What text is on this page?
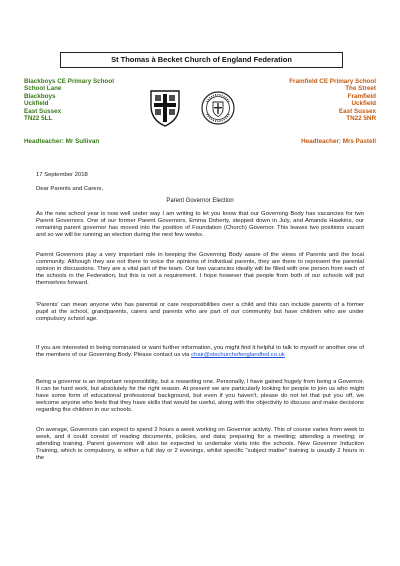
St Thomas à Becket Church of England Federation
Blackboys CE Primary School
School Lane
Blackboys
Uckfield
East Sussex
TN22 5LL
Framfield CE Primary School
The Street
Framfield
Uckfield
East Sussex
TN22 5NR
Headteacher: Mr Sullivan	Headteacher: Mrs Pastell
17 September 2018
Dear Parents and Carers,
Parent Governor Election
As the new school year is now well under way I am writing to let you know that our Governing Body has vacancies for two Parent Governors. One of our former Parent Governors, Emma Doherty, stepped down in July, and Amanda Hawkins, our remaining parent governor has moved into the position of Foundation (Church) Governor. This leaves two positions vacant and so we will be running an election during the next few weeks.
Parent Governors play a very important role in keeping the Governing Body aware of the views of Parents and the local community. Although they are not there to voice the opinions of individual parents, they are there to represent the parental opinion in discussions. They are a vital part of the team. Our two vacancies ideally will be filled with one person from each of the schools in the Federation, but this is not a requirement. I hope however that people from both of our schools will put themselves forward.
'Parents' can mean anyone who has parental or care responsibilities over a child and this can include parents of a former pupil at the school, grandparents, carers and parents who are part of our community but have children who are under compulsory school age.
If you are interested in being nominated or want further information, you might find it helpful to talk to myself or another one of the members of our Governing Body. Please contact us via chair@stschurchofenglandfed.co.uk
Being a governor is an important responsibility, but a rewarding one. Personally, I have gained hugely from being a Governor. It can be hard work, but absolutely for the right reason. At present we are particularly looking for people to join us who might have some form of educational professional background, but even if you haven't, please do not let that put you off, we welcome anyone who feels that they have skills that would be useful, along with the objectivity to discuss and make decisions regarding the children in our schools.
On average, Governors can expect to spend 2 hours a week working on Governor activity. This of course varies from week to week, and it could consist of reading documents, policies, and data; preparing for a meeting; attending a meeting; or attending training. Parent governors will also be expected to undertake visits into the schools. New Governor Induction Training, which is compulsory, is either a full day or 2 evenings, whilst specific "subject matter" training is usually 2 hours in the
